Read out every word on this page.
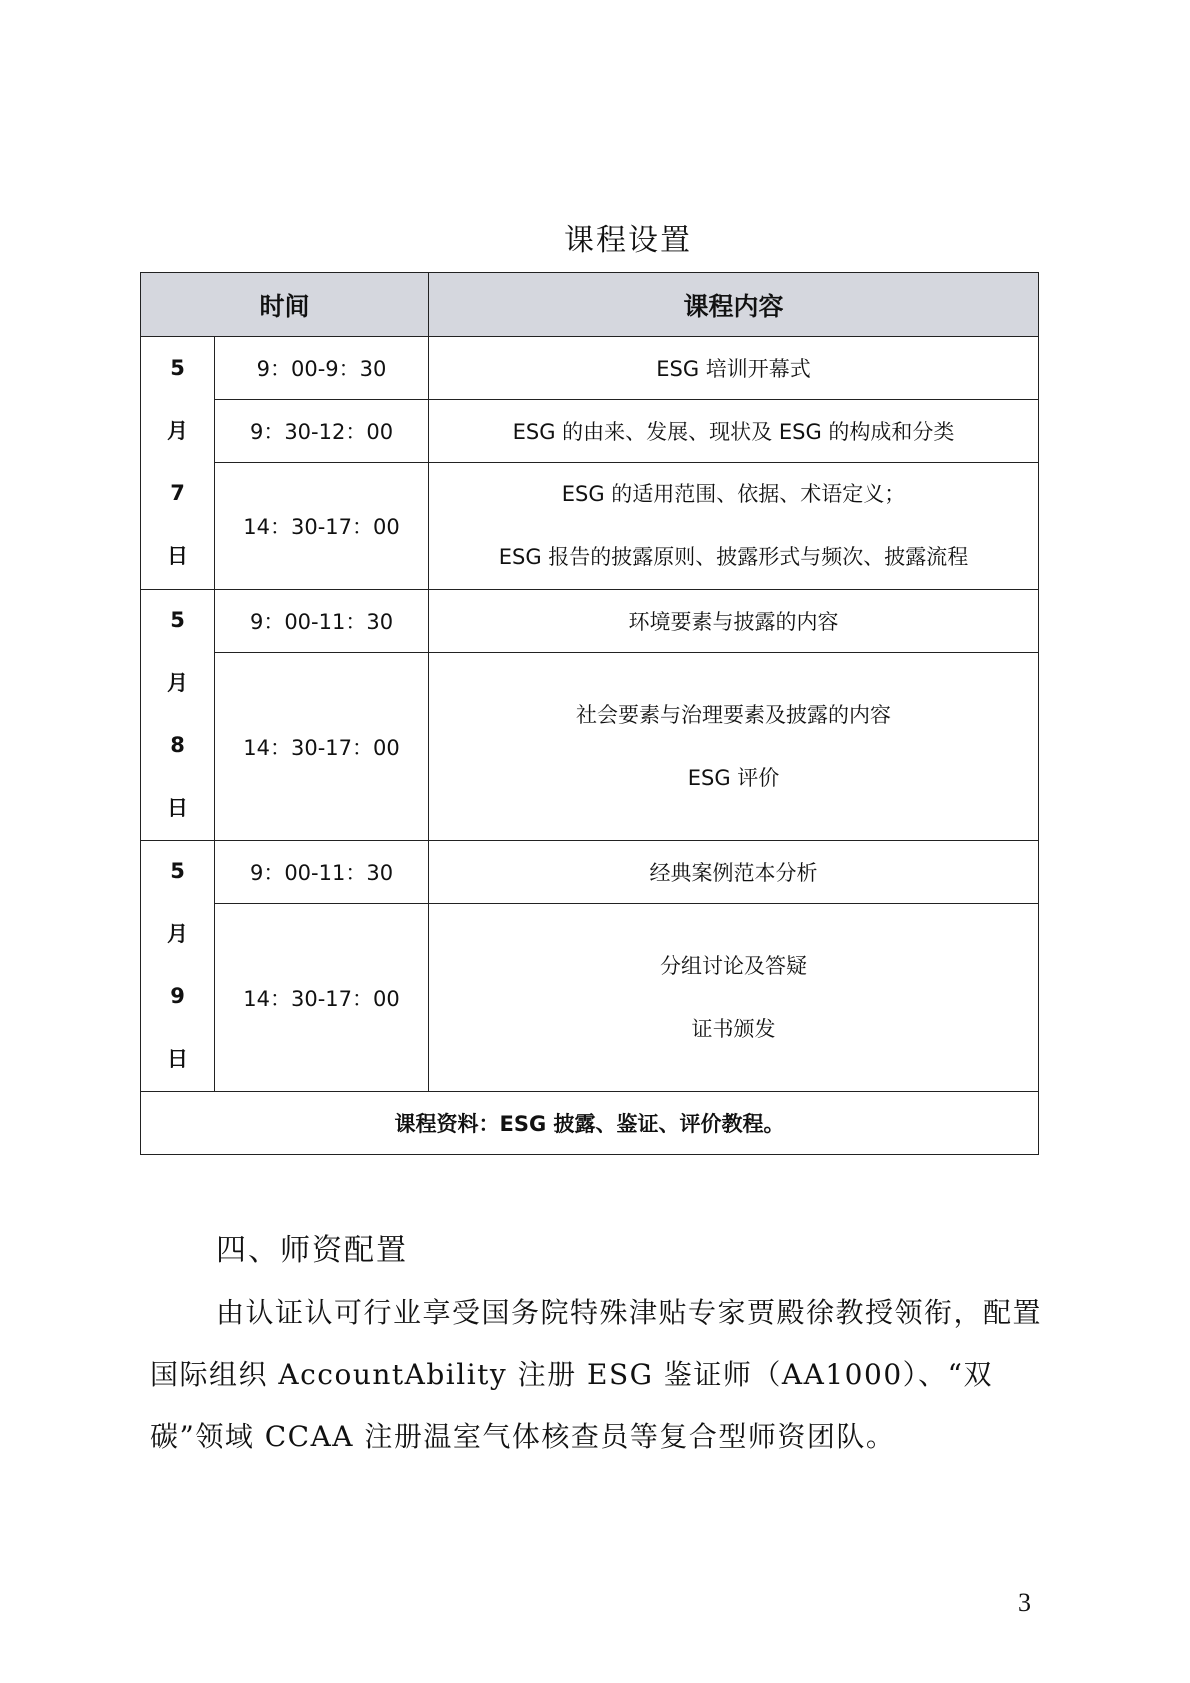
课程设置
时间		课程内容

5
月
7
日	9：00-9：30	ESG 培训开幕式
	9：30-12：00	ESG 的由来、发展、现状及 ESG 的构成和分类
	14：30-17：00	ESG 的适用范围、依据、术语定义；
ESG 报告的披露原则、披露形式与频次、披露流程

5
月
8
日	9：00-11：30	环境要素与披露的内容
	14：30-17：00	社会要素与治理要素及披露的内容
ESG 评价

5
月
9
日	9：00-11：30	经典案例范本分析
	14：30-17：00	分组讨论及答疑
证书颁发

课程资料：ESG 披露、鉴证、评价教程。		
四、师资配置
由认证认可行业享受国务院特殊津贴专家贾殿徐教授领衔，配置国际组织 AccountAbility 注册 ESG 鉴证师（AA1000）、“双碳”领域 CCAA 注册温室气体核查员等复合型师资团队。
3
